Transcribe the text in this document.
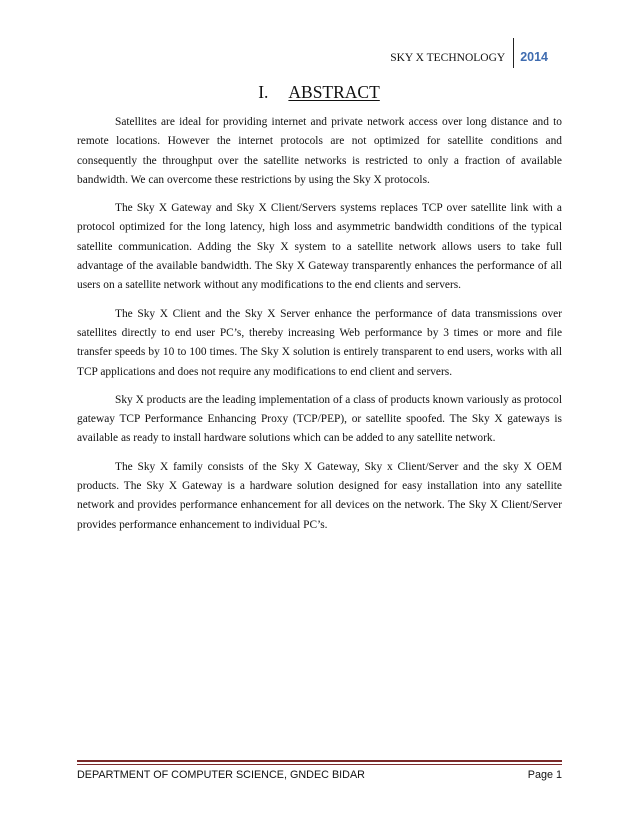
SKY X TECHNOLOGY	2014
I. ABSTRACT

Satellites are ideal for providing internet and private network access over long distance and to remote locations. However the internet protocols are not optimized for satellite conditions and consequently the throughput over the satellite networks is restricted to only a fraction of available bandwidth. We can overcome these restrictions by using the Sky X protocols.

The Sky X Gateway and Sky X Client/Servers systems replaces TCP over satellite link with a protocol optimized for the long latency, high loss and asymmetric bandwidth conditions of the typical satellite communication. Adding the Sky X system to a satellite network allows users to take full advantage of the available bandwidth. The Sky X Gateway transparently enhances the performance of all users on a satellite network without any modifications to the end clients and servers.

The Sky X Client and the Sky X Server enhance the performance of data transmissions over satellites directly to end user PC’s, thereby increasing Web performance by 3 times or more and file transfer speeds by 10 to 100 times. The Sky X solution is entirely transparent to end users, works with all TCP applications and does not require any modifications to end client and servers.

Sky X products are the leading implementation of a class of products known variously as protocol gateway TCP Performance Enhancing Proxy (TCP/PEP), or satellite spoofed. The Sky X gateways is available as ready to install hardware solutions which can be added to any satellite network.

The Sky X family consists of the Sky X Gateway, Sky x Client/Server and the sky X OEM products. The Sky X Gateway is a hardware solution designed for easy installation into any satellite network and provides performance enhancement for all devices on the network. The Sky X Client/Server provides performance enhancement to individual PC’s.

DEPARTMENT OF COMPUTER SCIENCE, GNDEC BIDAR	Page 1
